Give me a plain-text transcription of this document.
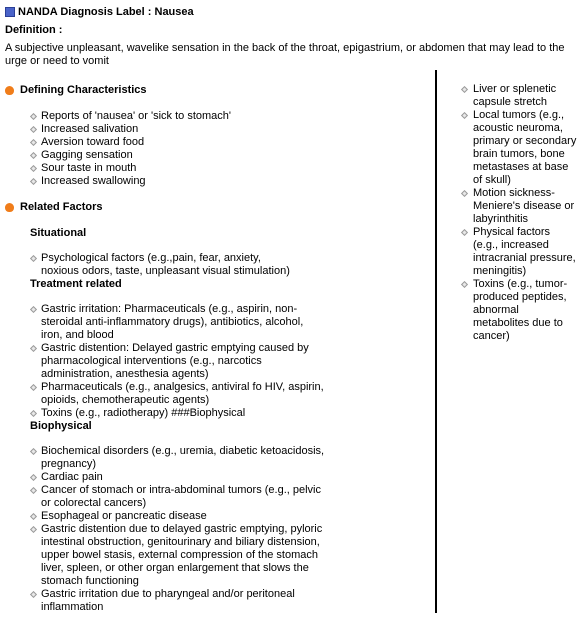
NANDA Diagnosis Label : Nausea
Definition :
A subjective unpleasant, wavelike sensation in the back of the throat, epigastrium, or abdomen that may lead to the urge or need to vomit
Defining Characteristics
Reports of 'nausea' or 'sick to stomach'
Increased salivation
Aversion toward food
Gagging sensation
Sour taste in mouth
Increased swallowing
Related Factors
Situational
Psychological factors (e.g.,pain, fear, anxiety, noxious odors, taste, unpleasant visual stimulation)
Treatment related
Gastric irritation: Pharmaceuticals (e.g., aspirin, non-steroidal anti-inflammatory drugs), antibiotics, alcohol, iron, and blood
Gastric distention: Delayed gastric emptying caused by pharmacological interventions (e.g., narcotics administration, anesthesia agents)
Pharmaceuticals (e.g., analgesics, antiviral fo HIV, aspirin, opioids, chemotherapeutic agents)
Toxins (e.g., radiotherapy) ###Biophysical
Biophysical
Biochemical disorders (e.g., uremia, diabetic ketoacidosis, pregnancy)
Cardiac pain
Cancer of stomach or intra-abdominal tumors (e.g., pelvic or colorectal cancers)
Esophageal or pancreatic disease
Gastric distention due to delayed gastric emptying, pyloric intestinal obstruction, genitourinary and biliary distension, upper bowel stasis, external compression of the stomach liver, spleen, or other organ enlargement that slows the stomach functioning
Gastric irritation due to pharyngeal and/or peritoneal inflammation
Liver or splenetic capsule stretch
Local tumors (e.g., acoustic neuroma, primary or secondary brain tumors, bone metastases at base of skull)
Motion sickness-Meniere's disease or labyrinthitis
Physical factors (e.g., increased intracranial pressure, meningitis)
Toxins (e.g., tumor-produced peptides, abnormal metabolites due to cancer)
